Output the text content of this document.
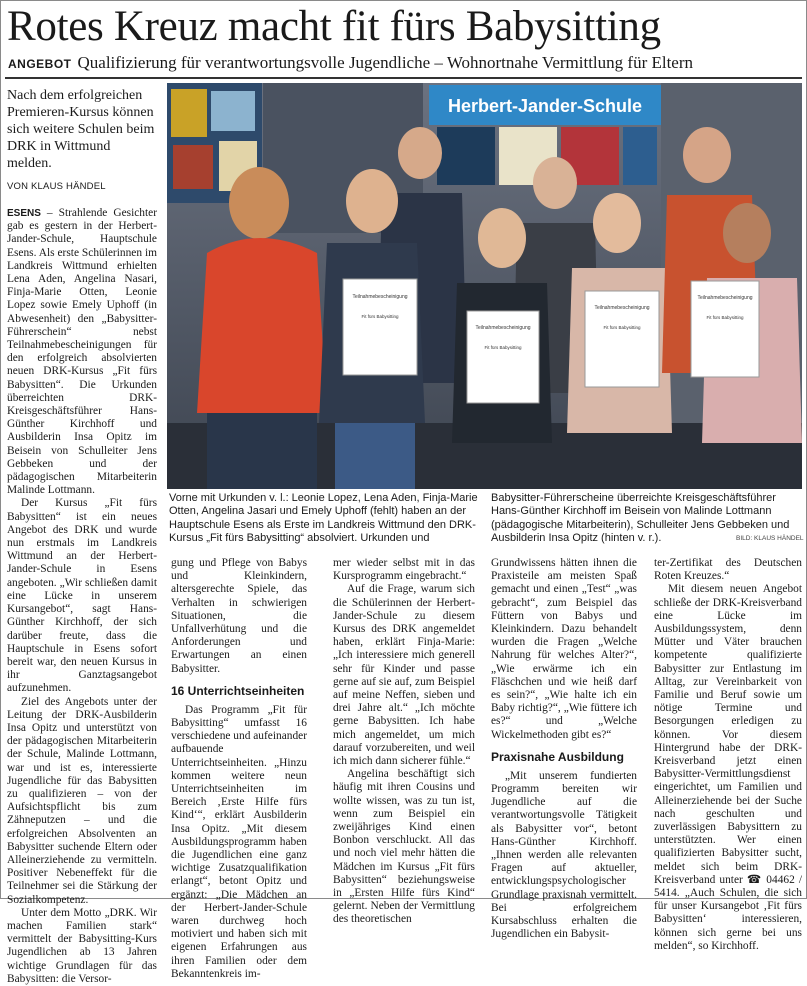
Rotes Kreuz macht fit fürs Babysitting
ANGEBOT Qualifizierung für verantwortungsvolle Jugendliche – Wohnortnahe Vermittlung für Eltern

Nach dem erfolgreichen Premieren-Kursus können sich weitere Schulen beim DRK in Wittmund melden.

VON KLAUS HÄNDEL
Herbert-Jander-Schule
Teilnahmebescheinigung
Fit fürs Babysitting
Teilnahmebescheinigung
Fit fürs Babysitting
Teilnahmebescheinigung
Fit fürs Babysitting
Teilnahmebescheinigung
Fit fürs Babysitting
Vorne mit Urkunden v. l.: Leonie Lopez, Lena Aden, Finja-Marie Otten, Angelina Jasari und Emely Uphoff (fehlt) haben an der Hauptschule Esens als Erste im Landkreis Wittmund den DRK-Kursus „Fit fürs Babysitting“ absolviert. Urkunden und
Babysitter-Führerscheine überreichte Kreisgeschäftsführer Hans-Günther Kirchhoff im Beisein von Malinde Lottmann (pädagogische Mitarbeiterin), Schulleiter Jens Gebbeken und Ausbilderin Insa Opitz (hinten v. r.).	BILD: KLAUS HÄNDEL

ESENS – Strahlende Gesichter gab es gestern in der Herbert-Jander-Schule, Hauptschule Esens. Als erste Schülerinnen im Landkreis Wittmund erhielten Lena Aden, Angelina Nasari, Finja-Marie Otten, Leonie Lopez sowie Emely Uphoff (in Abwesenheit) den „Babysitter-Führerschein“ nebst Teilnahmebescheinigungen für den erfolgreich absolvierten neuen DRK-Kursus „Fit fürs Babysitten“. Die Urkunden überreichten DRK-Kreisgeschäftsführer Hans-Günther Kirchhoff und Ausbilderin Insa Opitz im Beisein von Schulleiter Jens Gebbeken und der pädagogischen Mitarbeiterin Malinde Lottmann.

Der Kursus „Fit fürs Babysitten“ ist ein neues Angebot des DRK und wurde nun erstmals im Landkreis Wittmund an der Herbert-Jander-Schule in Esens angeboten. „Wir schließen damit eine Lücke in unserem Kursangebot“, sagt Hans-Günther Kirchhoff, der sich darüber freute, dass die Hauptschule in Esens sofort bereit war, den neuen Kursus in ihr Ganztagsangebot aufzunehmen.

Ziel des Angebots unter der Leitung der DRK-Ausbilderin Insa Opitz und unterstützt von der pädagogischen Mitarbeiterin der Schule, Malinde Lottmann, war und ist es, interessierte Jugendliche für das Babysitten zu qualifizieren – von der Aufsichtspflicht bis zum Zähneputzen – und die erfolgreichen Absolventen an Babysitter suchende Eltern oder Alleinerziehende zu vermitteln. Positiver Nebeneffekt für die Teilnehmer sei die Stärkung der Sozialkompetenz.

Unter dem Motto „DRK. Wir machen Familien stark“ vermittelt der Babysitting-Kurs Jugendlichen ab 13 Jahren wichtige Grundlagen für das Babysitten: die Versor-

gung und Pflege von Babys und Kleinkindern, altersgerechte Spiele, das Verhalten in schwierigen Situationen, die Unfallverhütung und die Anforderungen und Erwartungen an einen Babysitter.

16 Unterrichtseinheiten

Das Programm „Fit für Babysitting“ umfasst 16 verschiedene und aufeinander aufbauende Unterrichtseinheiten. „Hinzu kommen weitere neun Unterrichtseinheiten im Bereich ‚Erste Hilfe fürs Kind‘“, erklärt Ausbilderin Insa Opitz. „Mit diesem Ausbildungsprogramm haben die Jugendlichen eine ganz wichtige Zusatzqualifikation erlangt“, betont Opitz und ergänzt: „Die Mädchen an der Herbert-Jander-Schule waren durchweg hoch motiviert und haben sich mit eigenen Erfahrungen aus ihren Familien oder dem Bekanntenkreis im-

mer wieder selbst mit in das Kursprogramm eingebracht.“

Auf die Frage, warum sich die Schülerinnen der Herbert-Jander-Schule zu diesem Kursus des DRK angemeldet haben, erklärt Finja-Marie: „Ich interessiere mich generell sehr für Kinder und passe gerne auf sie auf, zum Beispiel auf meine Neffen, sieben und drei Jahre alt.“ „Ich möchte gerne Babysitten. Ich habe mich angemeldet, um mich darauf vorzubereiten, und weil ich mich dann sicherer fühle.“

Angelina beschäftigt sich häufig mit ihren Cousins und wollte wissen, was zu tun ist, wenn zum Beispiel ein zweijähriges Kind einen Bonbon verschluckt. All das und noch viel mehr hätten die Mädchen im Kursus „Fit fürs Babysitten“ beziehungsweise in „Ersten Hilfe fürs Kind“ gelernt. Neben der Vermittlung des theoretischen

Grundwissens hätten ihnen die Praxisteile am meisten Spaß gemacht und einen „Test“ „was gebracht“, zum Beispiel das Füttern von Babys und Kleinkindern. Dazu behandelt wurden die Fragen „Welche Nahrung für welches Alter?“, „Wie erwärme ich ein Fläschchen und wie heiß darf es sein?“, „Wie halte ich ein Baby richtig?“, „Wie füttere ich es?“ und „Welche Wickelmethoden gibt es?“

Praxisnahe Ausbildung

„Mit unserem fundierten Programm bereiten wir Jugendliche auf die verantwortungsvolle Tätigkeit als Babysitter vor“, betont Hans-Günther Kirchhoff. „Ihnen werden alle relevanten Fragen auf aktueller, entwicklungspsychologischer Grundlage praxisnah vermittelt. Bei erfolgreichem Kursabschluss erhalten die Jugendlichen ein Babysit-

ter-Zertifikat des Deutschen Roten Kreuzes.“

Mit diesem neuen Angebot schließe der DRK-Kreisverband eine Lücke im Ausbildungssystem, denn Mütter und Väter brauchen kompetente qualifizierte Babysitter zur Entlastung im Alltag, zur Vereinbarkeit von Familie und Beruf sowie um nötige Termine und Besorgungen erledigen zu können. Vor diesem Hintergrund habe der DRK-Kreisverband jetzt einen Babysitter-Vermittlungsdienst eingerichtet, um Familien und Alleinerziehende bei der Suche nach geschulten und zuverlässigen Babysittern zu unterstützten. Wer einen qualifizierten Babysitter sucht, meldet sich beim DRK-Kreisverband unter ☎ 04462 / 5414. „Auch Schulen, die sich für unser Kursangebot ‚Fit fürs Babysitten‘ interessieren, können sich gerne bei uns melden“, so Kirchhoff.
